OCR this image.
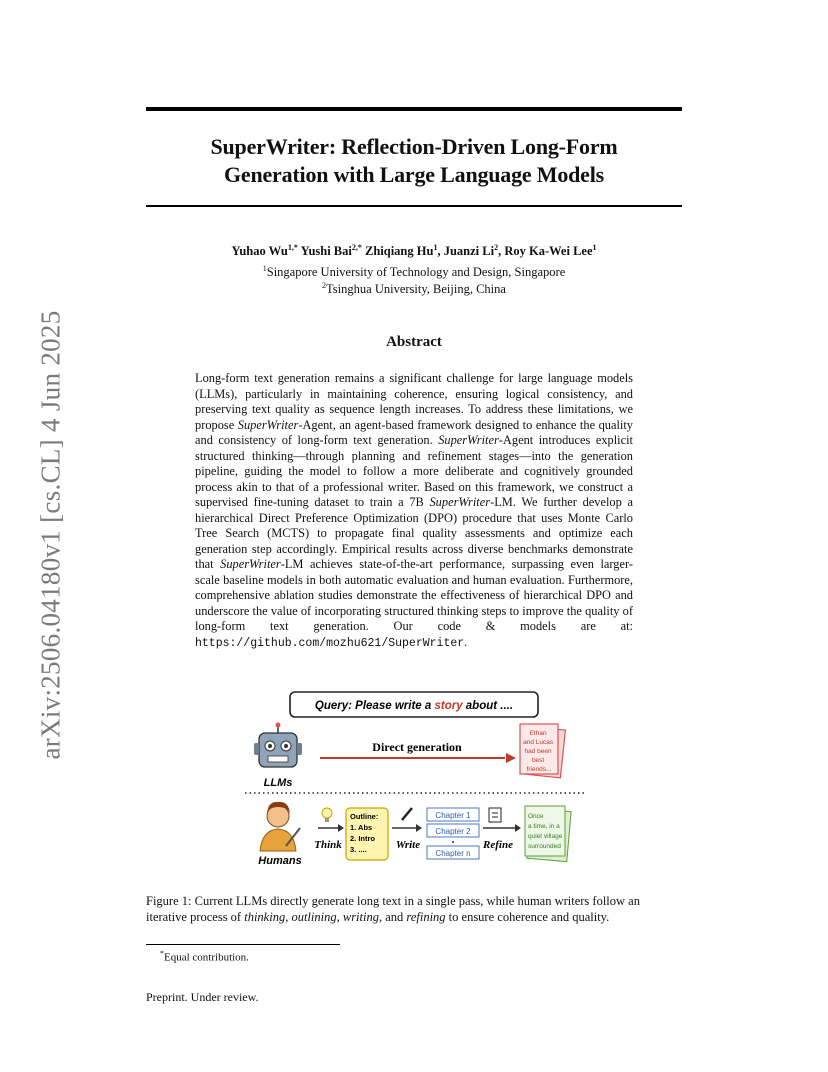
arXiv:2506.04180v1 [cs.CL] 4 Jun 2025
SuperWriter: Reflection-Driven Long-Form
Generation with Large Language Models
Yuhao $Wu^{1,*}$ Yushi Bai$^{2,*}$ Zhiqiang Hu$^1$, Juanzi Li$^2$, Roy Ka-Wei Lee$^1$
$^1$Singapore University of Technology and Design, Singapore
$^2$Tsinghua University, Beijing, China
Abstract
Long-form text generation remains a significant challenge for large language models (LLMs), particularly in maintaining coherence, ensuring logical consistency, and preserving text quality as sequence length increases. To address these limitations, we propose SuperWriter-Agent, an agent-based framework designed to enhance the quality and consistency of long-form text generation. SuperWriter-Agent introduces explicit structured thinking—through planning and refinement stages—into the generation pipeline, guiding the model to follow a more deliberate and cognitively grounded process akin to that of a professional writer. Based on this framework, we construct a supervised fine-tuning dataset to train a 7B SuperWriter-LM. We further develop a hierarchical Direct Preference Optimization (DPO) procedure that uses Monte Carlo Tree Search (MCTS) to propagate final quality assessments and optimize each generation step accordingly. Empirical results across diverse benchmarks demonstrate that SuperWriter-LM achieves state-of-the-art performance, surpassing even larger-scale baseline models in both automatic evaluation and human evaluation. Furthermore, comprehensive ablation studies demonstrate the effectiveness of hierarchical DPO and underscore the value of incorporating structured thinking steps to improve the quality of long-form text generation. Our code & models are at: https://github.com/mozhu621/SuperWriter.
Query: Please write a story about ....
LLMs
Direct generation
Ethan and Lucas had been best friends...
Humans
Think
Outline: 1. Abs 2. Intro 3. ....	Write
Chapter 1
Chapter 2
Chapter n
Refine
Once a time, in a quiet village surrounded
Figure 1: Current LLMs directly generate long text in a single pass, while human writers follow an iterative process of thinking, outlining, writing, and refining to ensure coherence and quality.
*Equal contribution.
Preprint. Under review.
